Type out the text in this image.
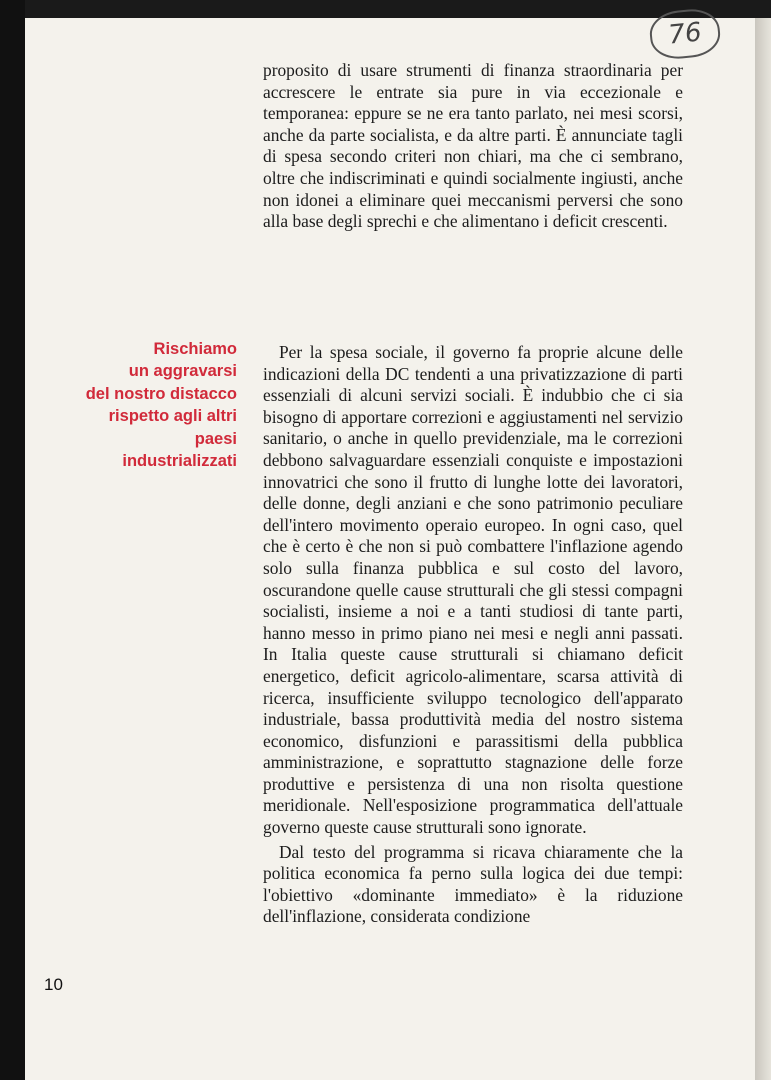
76

proposito di usare strumenti di finanza straordinaria per accrescere le entrate sia pure in via eccezionale e temporanea: eppure se ne era tanto parlato, nei mesi scorsi, anche da parte socialista, e da altre parti. È annunciate tagli di spesa secondo criteri non chiari, ma che ci sembrano, oltre che indiscriminati e quindi socialmente ingiusti, anche non idonei a eliminare quei meccanismi perversi che sono alla base degli sprechi e che alimentano i deficit crescenti.

Rischiamo
un aggravarsi
del nostro distacco
rispetto agli altri
paesi
industrializzati

Per la spesa sociale, il governo fa proprie alcune delle indicazioni della DC tendenti a una privatizzazione di parti essenziali di alcuni servizi sociali. È indubbio che ci sia bisogno di apportare correzioni e aggiustamenti nel servizio sanitario, o anche in quello previdenziale, ma le correzioni debbono salvaguardare essenziali conquiste e impostazioni innovatrici che sono il frutto di lunghe lotte dei lavoratori, delle donne, degli anziani e che sono patrimonio peculiare dell'intero movimento operaio europeo. In ogni caso, quel che è certo è che non si può combattere l'inflazione agendo solo sulla finanza pubblica e sul costo del lavoro, oscurandone quelle cause strutturali che gli stessi compagni socialisti, insieme a noi e a tanti studiosi di tante parti, hanno messo in primo piano nei mesi e negli anni passati. In Italia queste cause strutturali si chiamano deficit energetico, deficit agricolo-alimentare, scarsa attività di ricerca, insufficiente sviluppo tecnologico dell'apparato industriale, bassa produttività media del nostro sistema economico, disfunzioni e parassitismi della pubblica amministrazione, e soprattutto stagnazione delle forze produttive e persistenza di una non risolta questione meridionale. Nell'esposizione programmatica dell'attuale governo queste cause strutturali sono ignorate.

Dal testo del programma si ricava chiaramente che la politica economica fa perno sulla logica dei due tempi: l'obiettivo «dominante immediato» è la riduzione dell'inflazione, considerata condizione

10
